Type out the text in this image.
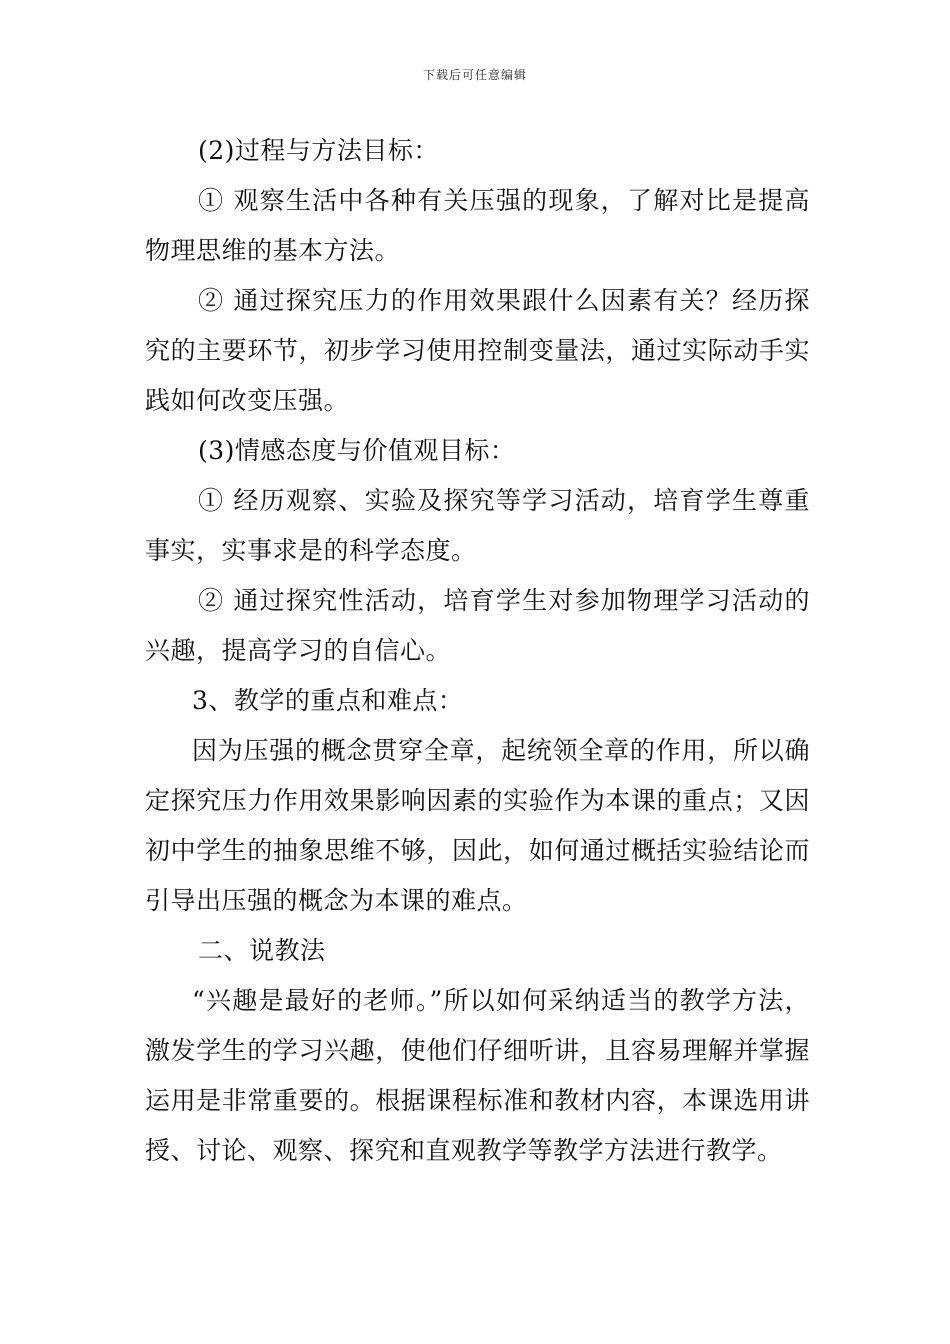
下载后可任意编辑

(2)过程与方法目标：

① 观察生活中各种有关压强的现象，了解对比是提高物理思维的基本方法。

② 通过探究压力的作用效果跟什么因素有关？经历探究的主要环节，初步学习使用控制变量法，通过实际动手实践如何改变压强。

(3)情感态度与价值观目标：

① 经历观察、实验及探究等学习活动，培育学生尊重事实，实事求是的科学态度。

② 通过探究性活动，培育学生对参加物理学习活动的兴趣，提高学习的自信心。

3、教学的重点和难点：

因为压强的概念贯穿全章，起统领全章的作用，所以确定探究压力作用效果影响因素的实验作为本课的重点；又因初中学生的抽象思维不够，因此，如何通过概括实验结论而引导出压强的概念为本课的难点。

二、说教法

“兴趣是最好的老师。”所以如何采纳适当的教学方法，激发学生的学习兴趣，使他们仔细听讲，且容易理解并掌握运用是非常重要的。根据课程标准和教材内容，本课选用讲授、讨论、观察、探究和直观教学等教学方法进行教学。
